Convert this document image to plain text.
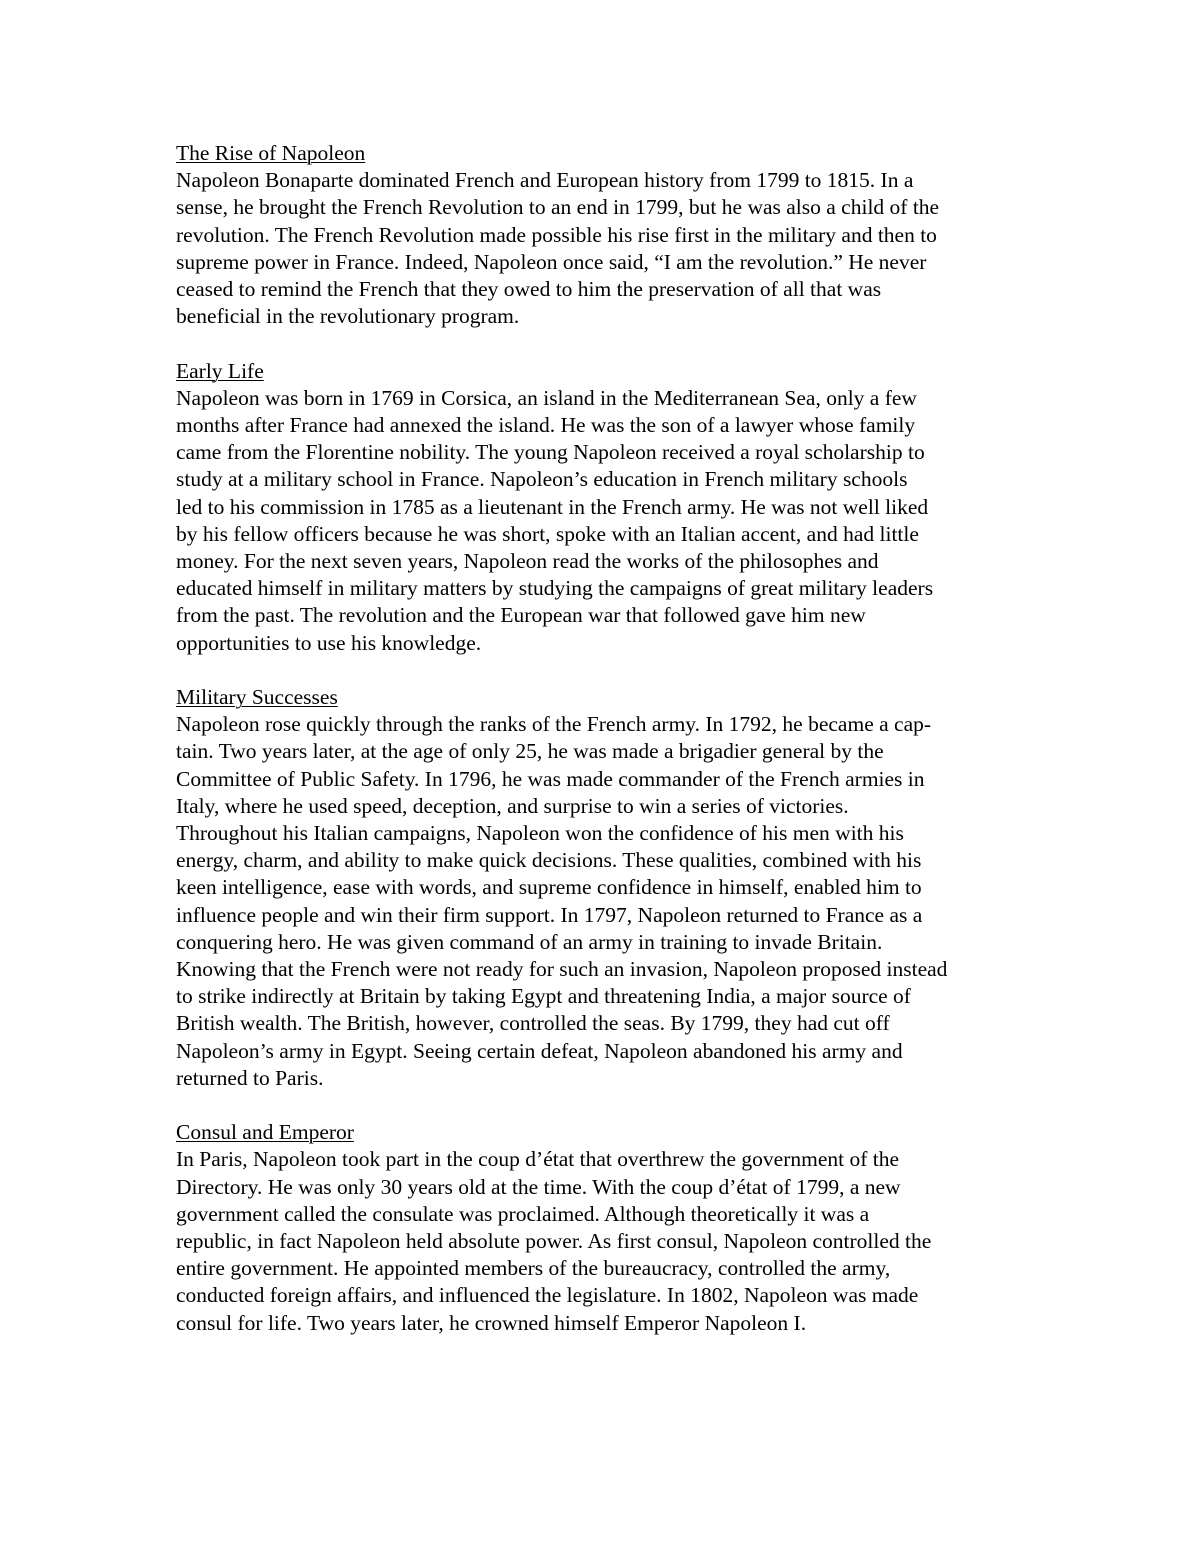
The Rise of Napoleon
Napoleon Bonaparte dominated French and European history from 1799 to 1815. In a
sense, he brought the French Revolution to an end in 1799, but he was also a child of the
revolution. The French Revolution made possible his rise first in the military and then to
supreme power in France. Indeed, Napoleon once said, “I am the revolution.” He never
ceased to remind the French that they owed to him the preservation of all that was
beneficial in the revolutionary program.
Early Life
Napoleon was born in 1769 in Corsica, an island in the Mediterranean Sea, only a few
months after France had annexed the island. He was the son of a lawyer whose family
came from the Florentine nobility. The young Napoleon received a royal scholarship to
study at a military school in France. Napoleon’s education in French military schools
led to his commission in 1785 as a lieutenant in the French army. He was not well liked
by his fellow officers because he was short, spoke with an Italian accent, and had little
money. For the next seven years, Napoleon read the works of the philosophes and
educated himself in military matters by studying the campaigns of great military leaders
from the past. The revolution and the European war that followed gave him new
opportunities to use his knowledge.
Military Successes
Napoleon rose quickly through the ranks of the French army. In 1792, he became a cap-
tain. Two years later, at the age of only 25, he was made a brigadier general by the
Committee of Public Safety. In 1796, he was made commander of the French armies in
Italy, where he used speed, deception, and surprise to win a series of victories.
Throughout his Italian campaigns, Napoleon won the confidence of his men with his
energy, charm, and ability to make quick decisions. These qualities, combined with his
keen intelligence, ease with words, and supreme confidence in himself, enabled him to
influence people and win their firm support. In 1797, Napoleon returned to France as a
conquering hero. He was given command of an army in training to invade Britain.
Knowing that the French were not ready for such an invasion, Napoleon proposed instead
to strike indirectly at Britain by taking Egypt and threatening India, a major source of
British wealth. The British, however, controlled the seas. By 1799, they had cut off
Napoleon’s army in Egypt. Seeing certain defeat, Napoleon abandoned his army and
returned to Paris.
Consul and Emperor
In Paris, Napoleon took part in the coup d’état that overthrew the government of the
Directory. He was only 30 years old at the time. With the coup d’état of 1799, a new
government called the consulate was proclaimed. Although theoretically it was a
republic, in fact Napoleon held absolute power. As first consul, Napoleon controlled the
entire government. He appointed members of the bureaucracy, controlled the army,
conducted foreign affairs, and influenced the legislature. In 1802, Napoleon was made
consul for life. Two years later, he crowned himself Emperor Napoleon I.
